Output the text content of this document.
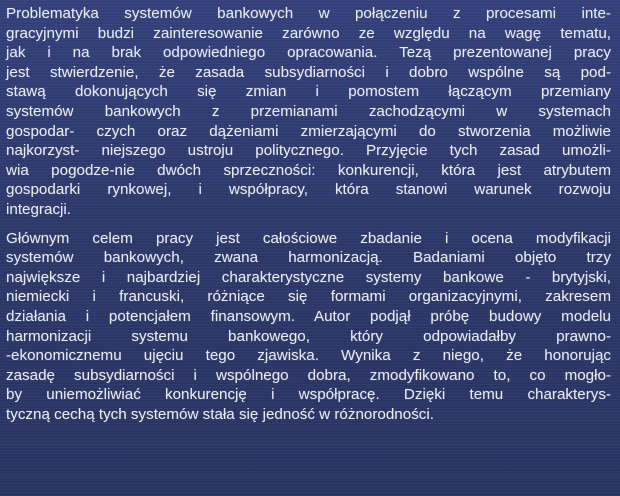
Problematyka systemów bankowych w połączeniu z procesami inte-
gracyjnymi budzi zainteresowanie zarówno ze względu na wagę tematu,
jak i na brak odpowiedniego opracowania. Tezą prezentowanej pracy
jest stwierdzenie, że zasada subsydiarności i dobro wspólne są pod-
stawą dokonujących się zmian i pomostem łączącym przemiany
systemów bankowych z przemianami zachodzącymi w systemach
gospodar- czych oraz dążeniami zmierzającymi do stworzenia możliwie
najkorzyst- niejszego ustroju politycznego. Przyjęcie tych zasad umożli-
wia pogodze-nie dwóch sprzeczności: konkurencji, która jest atrybutem
gospodarki rynkowej, i współpracy, która stanowi warunek rozwoju
integracji.
Głównym celem pracy jest całościowe zbadanie i ocena modyfikacji
systemów bankowych, zwana harmonizacją. Badaniami objęto trzy
największe i najbardziej charakterystyczne systemy bankowe - brytyjski,
niemiecki i francuski, różniące się formami organizacyjnymi, zakresem
działania i potencjałem finansowym. Autor podjął próbę budowy modelu
harmonizacji systemu bankowego, który odpowiadałby prawno-
-ekonomicznemu ujęciu tego zjawiska. Wynika z niego, że honorując
zasadę subsydiarności i wspólnego dobra, zmodyfikowano to, co mogło-
by uniemożliwiać konkurencję i współpracę. Dzięki temu charakterys-
tyczną cechą tych systemów stała się jedność w różnorodności.
